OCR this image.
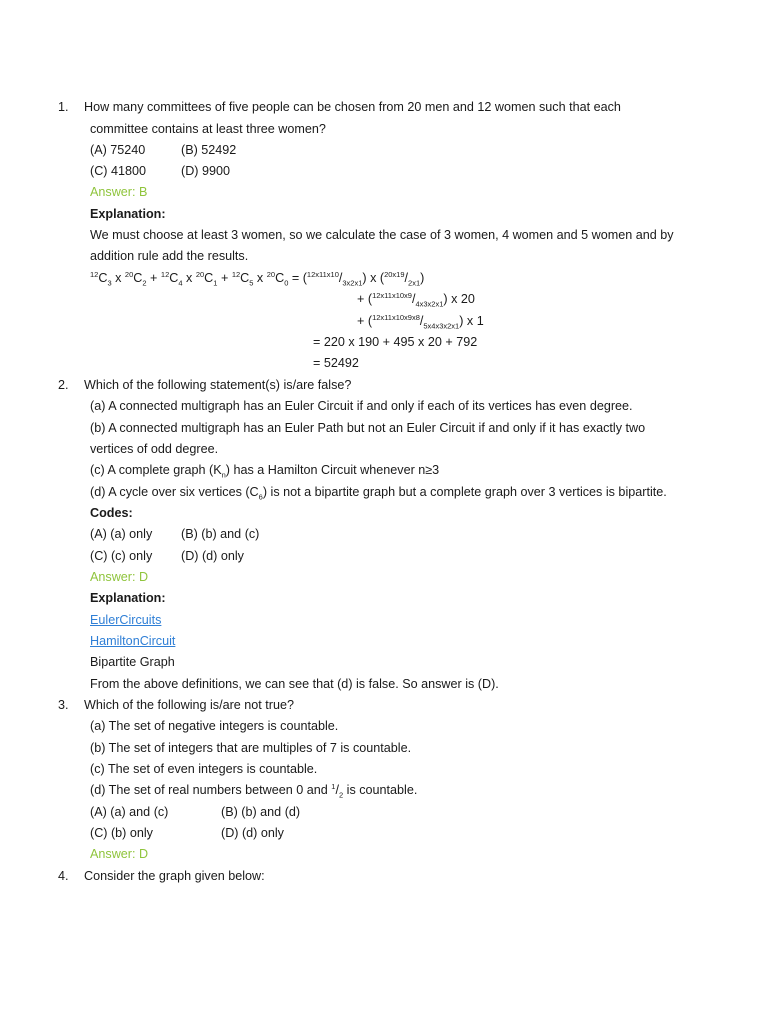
1. How many committees of five people can be chosen from 20 men and 12 women such that each
committee contains at least three women?
(A) 75240	(B) 52492
(C) 41800	(D) 9900
Answer: B
Explanation:
We must choose at least 3 women, so we calculate the case of 3 women, 4 women and 5 women and by
addition rule add the results.
$^{12}C_3$ x $^{20}C_2 + ^{12}C_4$ x $^{20}C_1 + ^{12}C_5$ x $^{20}C_0 = (^{12x11x10}/_{3x2x1})$ x $(^{20x19}/_{2x1})$
+ $(^{12x11x10x9}/_{4x3x2x1})$ x 20
+ $(^{12x11x10x9x8}/_{5x4x3x2x1})$ x 1
= 220 x 190 + 495 x 20 + 792
= 52492
2. Which of the following statement(s) is/are false?
(a) A connected multigraph has an Euler Circuit if and only if each of its vertices has even degree.
(b) A connected multigraph has an Euler Path but not an Euler Circuit if and only if it has exactly two
vertices of odd degree.
(c) A complete graph $(K_n)$ has a Hamilton Circuit whenever n≥3
(d) A cycle over six vertices $(C_6)$ is not a bipartite graph but a complete graph over 3 vertices is bipartite.
Codes:
(A) (a) only (B) (b) and (c)
(C) (c) only (D) (d) only
Answer: D
Explanation:
EulerCircuits
HamiltonCircuit
Bipartite Graph
From the above definitions, we can see that (d) is false. So answer is (D).
3. Which of the following is/are not true?
(a) The set of negative integers is countable.
(b) The set of integers that are multiples of 7 is countable.
(c) The set of even integers is countable.
(d) The set of real numbers between 0 and $^1/_2$ is countable.
(A) (a) and (c)	(B) (b) and (d)
(C) (b) only	(D) (d) only
Answer: D
4. Consider the graph given below:
